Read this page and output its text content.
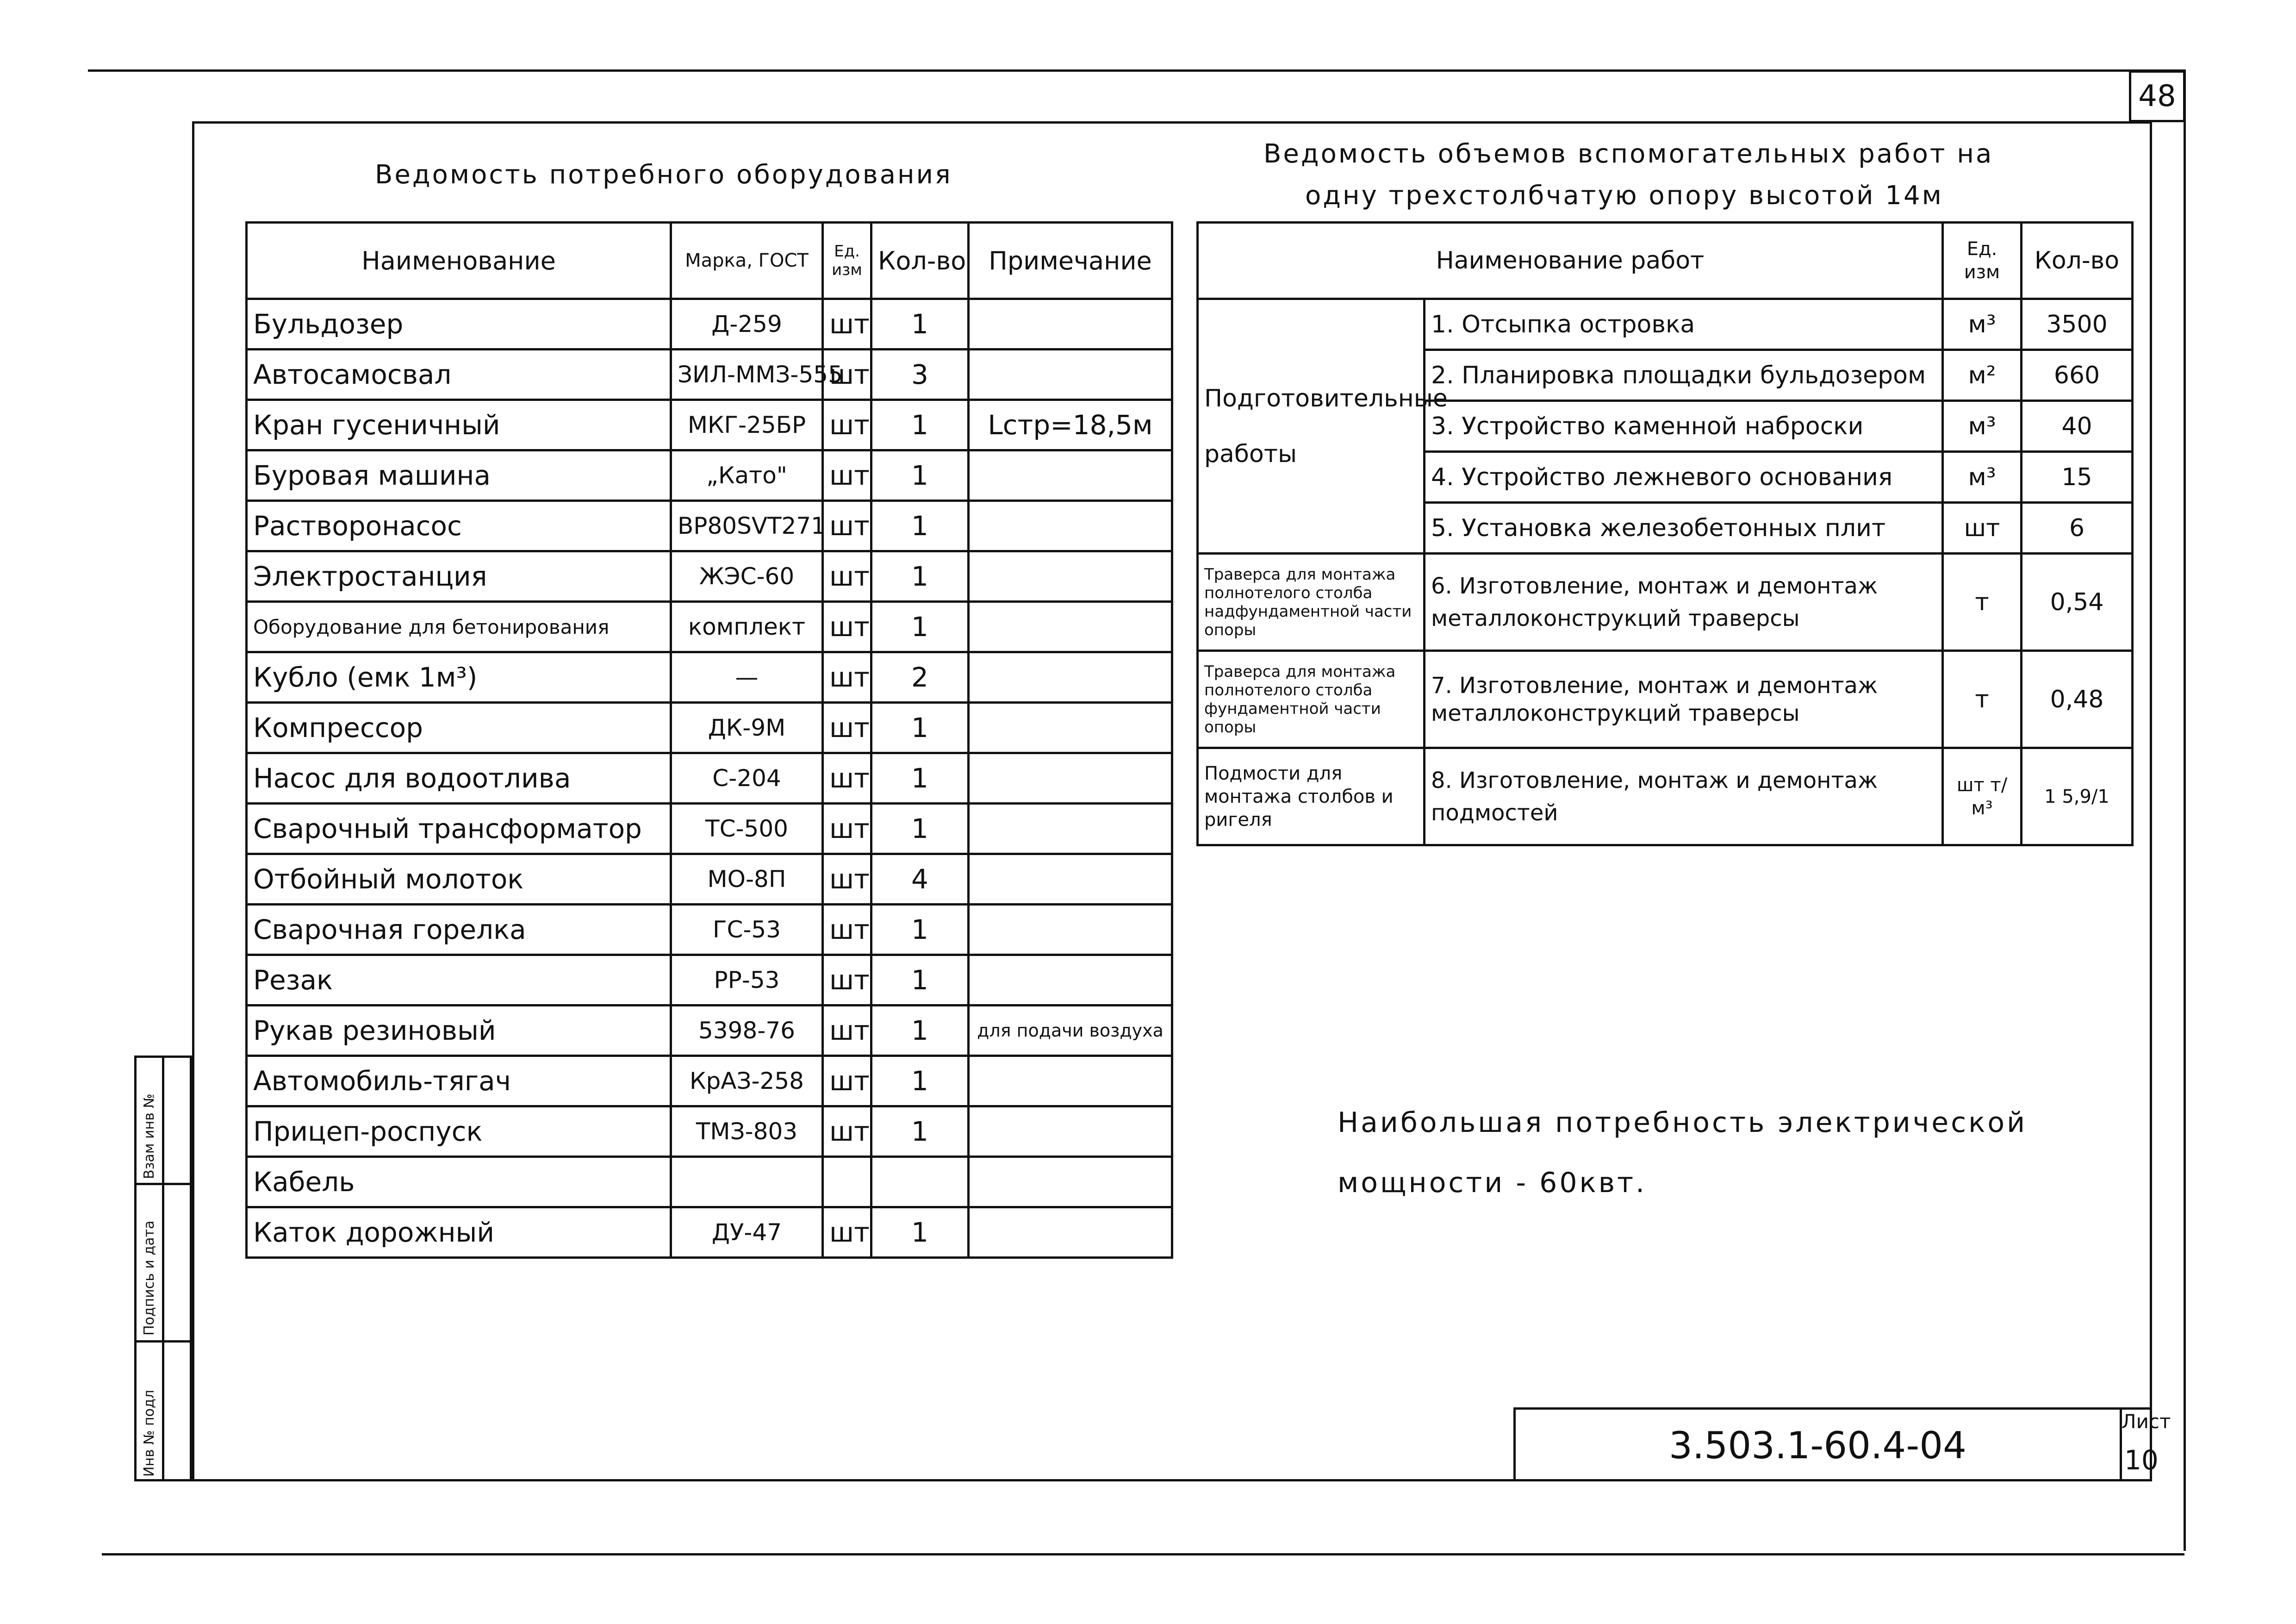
48
Ведомость потребного оборудования
Ведомость объемов вспомогательных работ на
одну трехстолбчатую опору высотой 14м
Наименование	Марка, ГОСТ	Ед. изм	Кол-во	Примечание
Бульдозер	Д-259	шт	1	
Автосамосвал	ЗИЛ-ММЗ-555	шт	3	
Кран гусеничный	МКГ-25БР	шт	1	Lстр=18,5м
Буровая машина	„Като"	шт	1	
Растворонасос	ВР80SVT271	шт	1	
Электростанция	ЖЭС-60	шт	1	
Оборудование для бетонирования	комплект	шт	1	
Кубло (емк 1м³)	—	шт	2	
Компрессор	ДК-9М	шт	1	
Насос для водоотлива	С-204	шт	1	
Сварочный трансформатор	ТС-500	шт	1	
Отбойный молоток	МО-8П	шт	4	
Сварочная горелка	ГС-53	шт	1	
Резак	РР-53	шт	1	
Рукав резиновый	5398-76	шт	1	для подачи воздуха
Автомобиль-тягач	КрАЗ-258	шт	1	
Прицеп-роспуск	ТМЗ-803	шт	1	
Кабель				
Каток дорожный	ДУ-47	шт	1	
Наименование работ		Ед. изм	Кол-во
Подготовительные работы	1. Отсыпка островка	м³	3500
	2. Планировка площадки бульдозером	м²	660
	3. Устройство каменной наброски	м³	40
	4. Устройство лежневого основания	м³	15
	5. Установка железобетонных плит	шт	6
Траверса для монтажа полнотелого столба надфундаментной части опоры	6. Изготовление, монтаж и демонтаж металлоконструкций траверсы	т	0,54
Траверса для монтажа полнотелого столба фундаментной части опоры	7. Изготовление, монтаж и демонтаж металлоконструкций траверсы	т	0,48
Подмости для монтажа столбов и ригеля	8. Изготовление, монтаж и демонтаж подмостей	шт т/м³	1 5,9/1
Наибольшая потребность электрической
мощности - 60квт.
3.503.1-60.4-04
Лист
10
Инв № подл
Подпись и дата
Взам инв №
